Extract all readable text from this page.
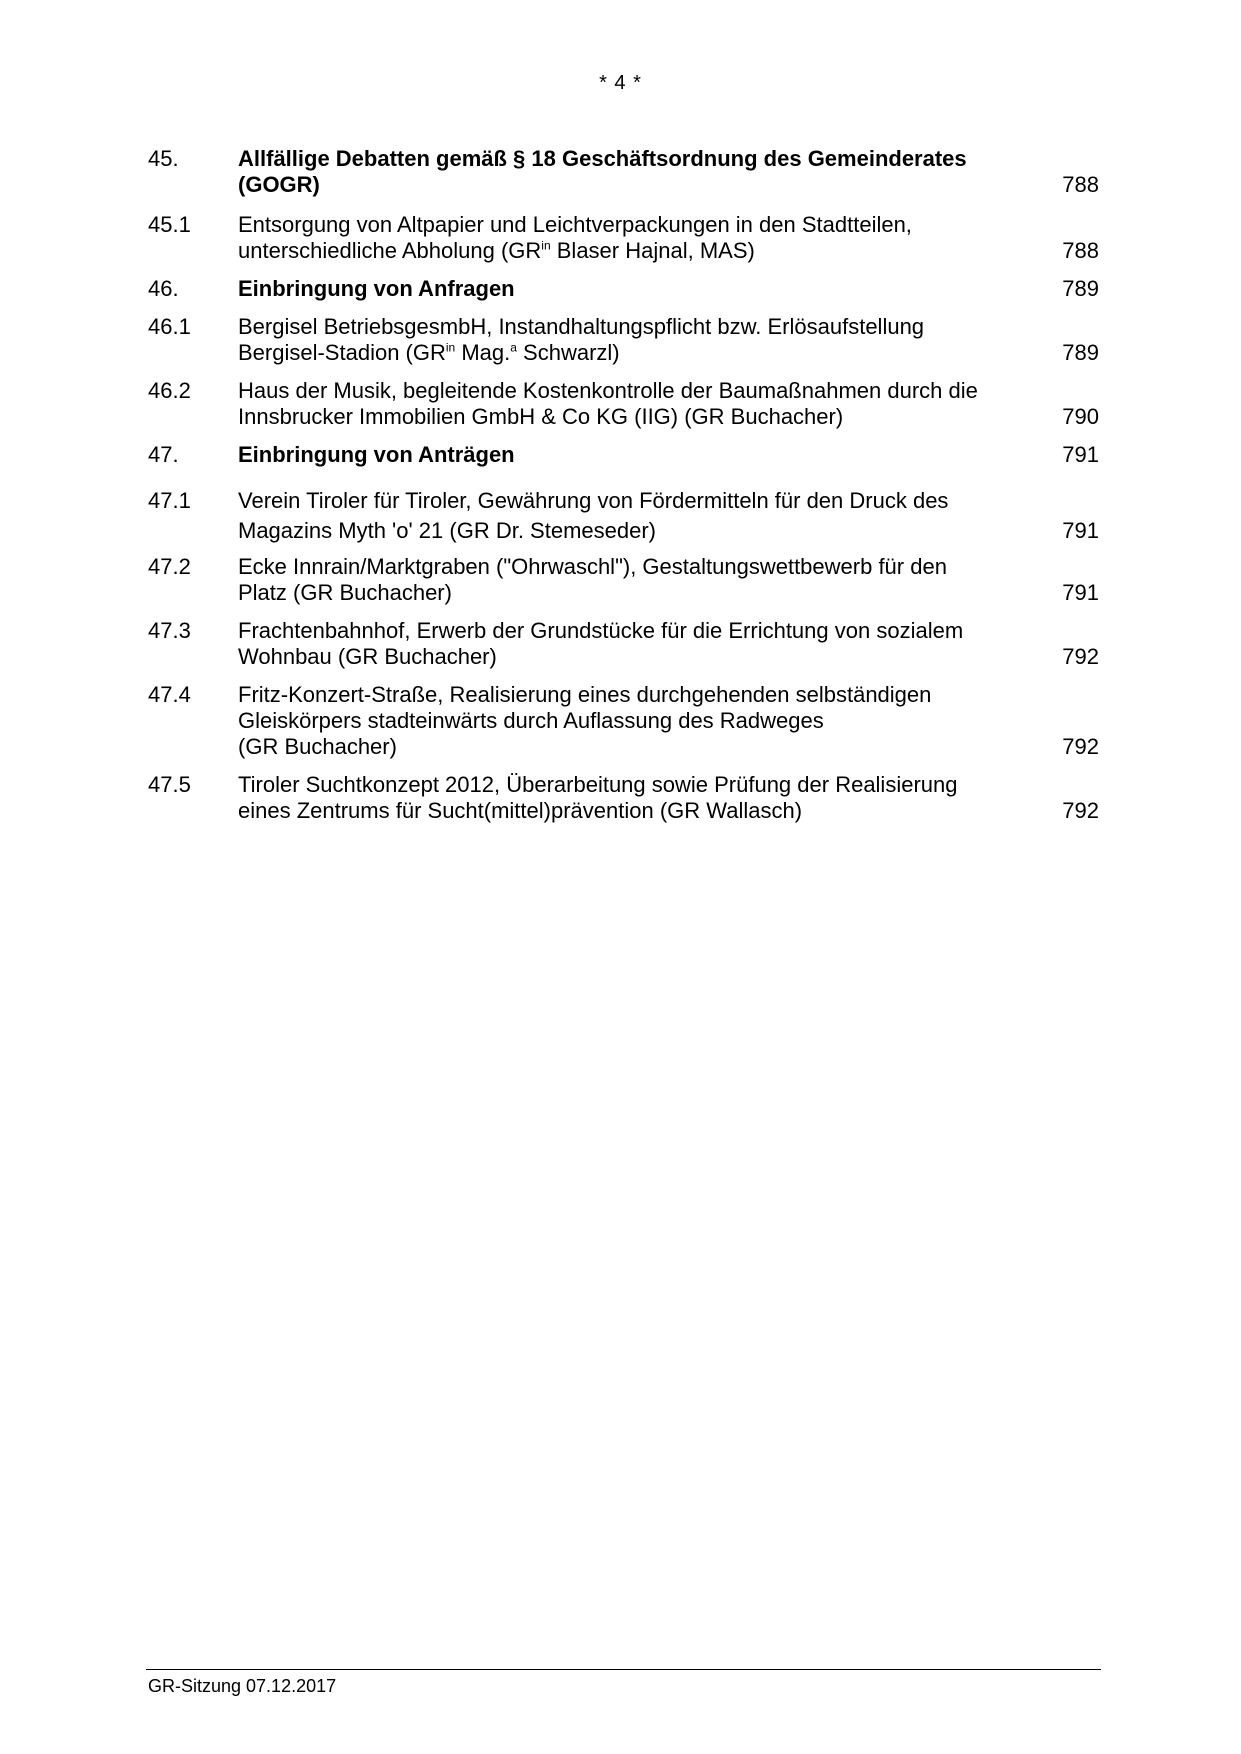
* 4 *
45.	Allfällige Debatten gemäß § 18 Geschäftsordnung des Gemeinderates (GOGR)	788
45.1	Entsorgung von Altpapier und Leichtverpackungen in den Stadtteilen,
unterschiedliche Abholung ($GR^{in}$ Blaser Hajnal, MAS)	788
46.	Einbringung von Anfragen	789
46.1	Bergisel BetriebsgesmbH, Instandhaltungspflicht bzw. Erlösaufstellung
Bergisel-Stadion ($GR^{in}$ Mag.$^a$ Schwarzl)	789
46.2	Haus der Musik, begleitende Kostenkontrolle der Baumaßnahmen durch die Innsbrucker Immobilien GmbH & Co KG (IIG) (GR Buchacher)	790
47.	Einbringung von Anträgen	791
47.1	Verein Tiroler für Tiroler, Gewährung von Fördermitteln für den Druck des Magazins Myth 'o' 21 (GR Dr. Stemeseder)	791
47.2	Ecke Innrain/Marktgraben ("Ohrwaschl"), Gestaltungswettbewerb für den Platz (GR Buchacher)	791
47.3	Frachtenbahnhof, Erwerb der Grundstücke für die Errichtung von sozialem Wohnbau (GR Buchacher)	792
47.4	Fritz-Konzert-Straße, Realisierung eines durchgehenden selbständigen Gleiskörpers stadteinwärts durch Auflassung des Radweges
(GR Buchacher)	792
47.5	Tiroler Suchtkonzept 2012, Überarbeitung sowie Prüfung der Realisierung eines Zentrums für Sucht(mittel)prävention (GR Wallasch)	792
GR-Sitzung 07.12.2017
